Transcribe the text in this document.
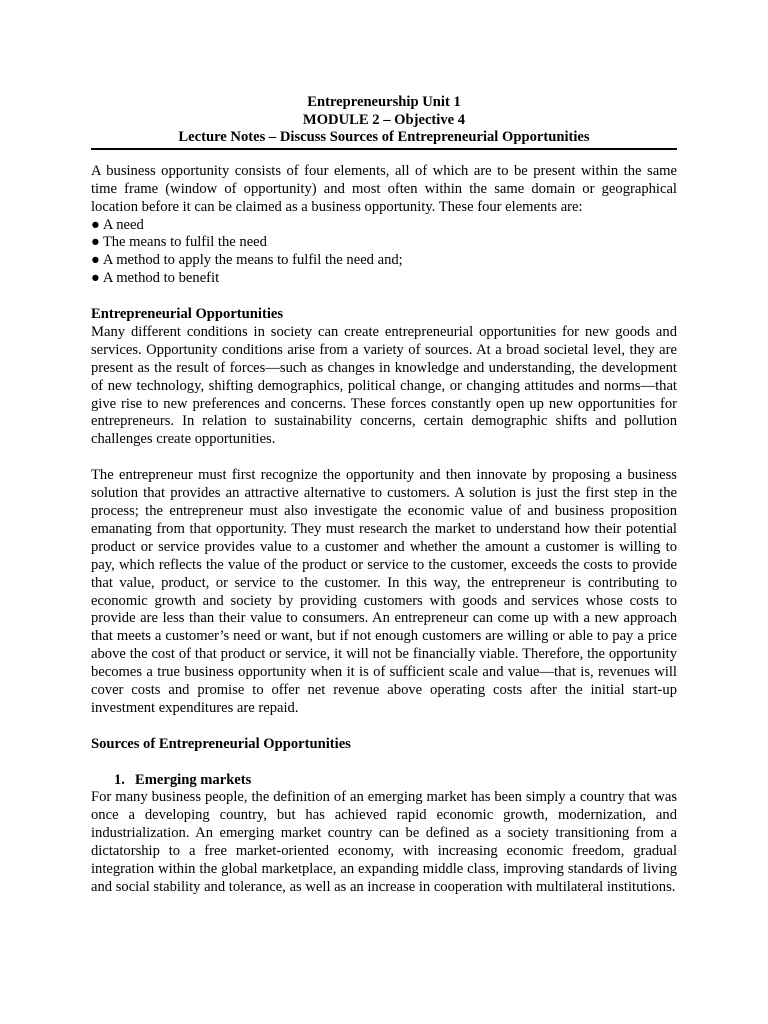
Entrepreneurship Unit 1
MODULE 2 – Objective 4
Lecture Notes – Discuss Sources of Entrepreneurial Opportunities

A business opportunity consists of four elements, all of which are to be present within the same time frame (window of opportunity) and most often within the same domain or geographical location before it can be claimed as a business opportunity. These four elements are:

● A need
● The means to fulfil the need
● A method to apply the means to fulfil the need and;
● A method to benefit
Entrepreneurial Opportunities

Many different conditions in society can create entrepreneurial opportunities for new goods and services. Opportunity conditions arise from a variety of sources. At a broad societal level, they are present as the result of forces—such as changes in knowledge and understanding, the development of new technology, shifting demographics, political change, or changing attitudes and norms—that give rise to new preferences and concerns. These forces constantly open up new opportunities for entrepreneurs. In relation to sustainability concerns, certain demographic shifts and pollution challenges create opportunities.

The entrepreneur must first recognize the opportunity and then innovate by proposing a business solution that provides an attractive alternative to customers. A solution is just the first step in the process; the entrepreneur must also investigate the economic value of and business proposition emanating from that opportunity. They must research the market to understand how their potential product or service provides value to a customer and whether the amount a customer is willing to pay, which reflects the value of the product or service to the customer, exceeds the costs to provide that value, product, or service to the customer. In this way, the entrepreneur is contributing to economic growth and society by providing customers with goods and services whose costs to provide are less than their value to consumers. An entrepreneur can come up with a new approach that meets a customer’s need or want, but if not enough customers are willing or able to pay a price above the cost of that product or service, it will not be financially viable. Therefore, the opportunity becomes a true business opportunity when it is of sufficient scale and value—that is, revenues will cover costs and promise to offer net revenue above operating costs after the initial start-up investment expenditures are repaid.

Sources of Entrepreneurial Opportunities
1. Emerging markets

For many business people, the definition of an emerging market has been simply a country that was once a developing country, but has achieved rapid economic growth, modernization, and industrialization. An emerging market country can be defined as a society transitioning from a dictatorship to a free market-oriented economy, with increasing economic freedom, gradual integration within the global marketplace, an expanding middle class, improving standards of living and social stability and tolerance, as well as an increase in cooperation with multilateral institutions.
